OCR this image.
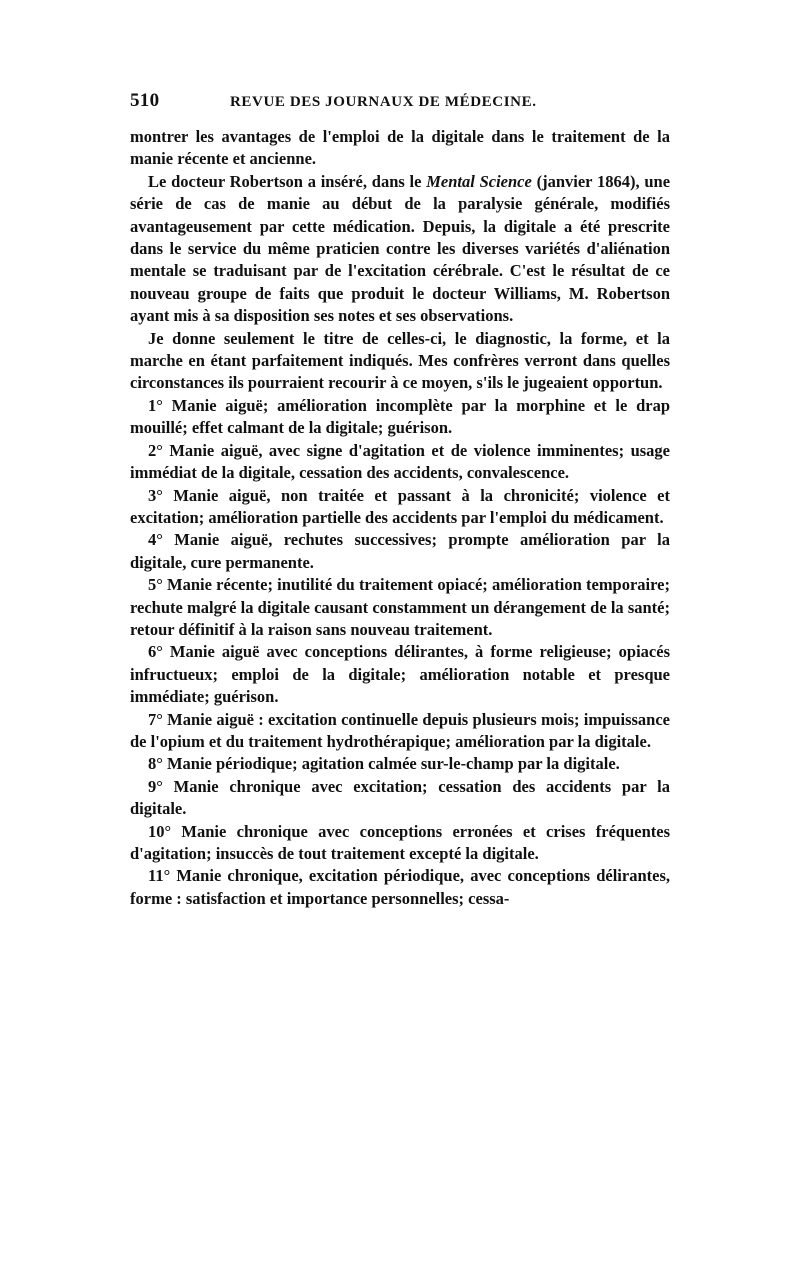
510	REVUE DES JOURNAUX DE MÉDECINE.

montrer les avantages de l'emploi de la digitale dans le traitement de la manie récente et ancienne.

Le docteur Robertson a inséré, dans le Mental Science (janvier 1864), une série de cas de manie au début de la paralysie générale, modifiés avantageusement par cette médication. Depuis, la digitale a été prescrite dans le service du même praticien contre les diverses variétés d'aliénation mentale se traduisant par de l'excitation cérébrale. C'est le résultat de ce nouveau groupe de faits que produit le docteur Williams, M. Robertson ayant mis à sa disposition ses notes et ses observations.

Je donne seulement le titre de celles-ci, le diagnostic, la forme, et la marche en étant parfaitement indiqués. Mes confrères verront dans quelles circonstances ils pourraient recourir à ce moyen, s'ils le jugeaient opportun.

1° Manie aiguë; amélioration incomplète par la morphine et le drap mouillé; effet calmant de la digitale; guérison.

2° Manie aiguë, avec signe d'agitation et de violence imminentes; usage immédiat de la digitale, cessation des accidents, convalescence.

3° Manie aiguë, non traitée et passant à la chronicité; violence et excitation; amélioration partielle des accidents par l'emploi du médicament.

4° Manie aiguë, rechutes successives; prompte amélioration par la digitale, cure permanente.

5° Manie récente; inutilité du traitement opiacé; amélioration temporaire; rechute malgré la digitale causant constamment un dérangement de la santé; retour définitif à la raison sans nouveau traitement.

6° Manie aiguë avec conceptions délirantes, à forme religieuse; opiacés infructueux; emploi de la digitale; amélioration notable et presque immédiate; guérison.

7° Manie aiguë : excitation continuelle depuis plusieurs mois; impuissance de l'opium et du traitement hydrothérapique; amélioration par la digitale.

8° Manie périodique; agitation calmée sur-le-champ par la digitale.

9° Manie chronique avec excitation; cessation des accidents par la digitale.

10° Manie chronique avec conceptions erronées et crises fréquentes d'agitation; insuccès de tout traitement excepté la digitale.

11° Manie chronique, excitation périodique, avec conceptions délirantes, forme : satisfaction et importance personnelles; cessa-
